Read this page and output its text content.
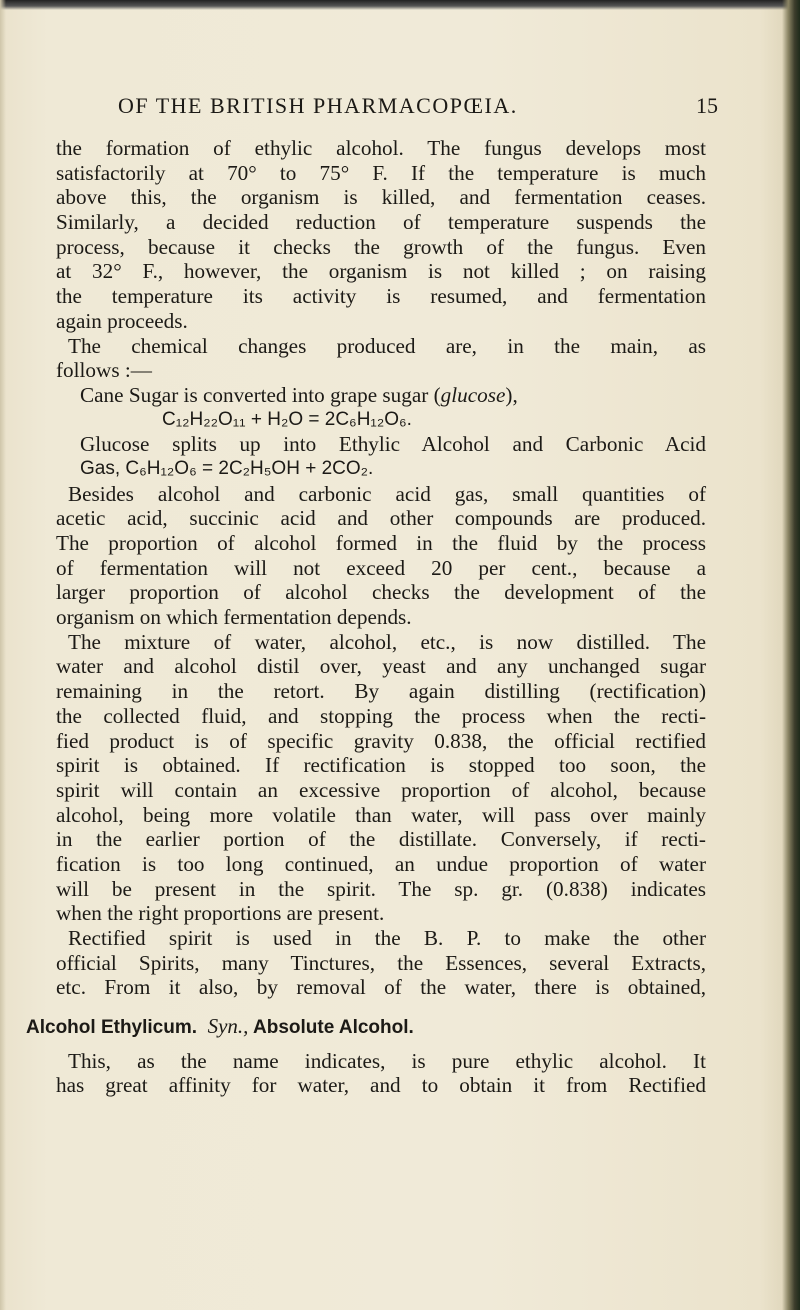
OF THE BRITISH PHARMACOPŒIA.	15
the formation of ethylic alcohol. The fungus develops most
satisfactorily at 70° to 75° F. If the temperature is much
above this, the organism is killed, and fermentation ceases.
Similarly, a decided reduction of temperature suspends the
process, because it checks the growth of the fungus. Even
at 32° F., however, the organism is not killed ; on raising
the temperature its activity is resumed, and fermentation
again proceeds.
The chemical changes produced are, in the main, as
follows :—
Cane Sugar is converted into grape sugar (glucose),
C₁₂H₂₂O₁₁ + H₂O = 2C₆H₁₂O₆.
Glucose splits up into Ethylic Alcohol and Carbonic Acid
Gas, C₆H₁₂O₆ = 2C₂H₅OH + 2CO₂.
Besides alcohol and carbonic acid gas, small quantities of
acetic acid, succinic acid and other compounds are produced.
The proportion of alcohol formed in the fluid by the process
of fermentation will not exceed 20 per cent., because a
larger proportion of alcohol checks the development of the
organism on which fermentation depends.
The mixture of water, alcohol, etc., is now distilled. The
water and alcohol distil over, yeast and any unchanged sugar
remaining in the retort. By again distilling (rectification)
the collected fluid, and stopping the process when the recti-
fied product is of specific gravity 0.838, the official rectified
spirit is obtained. If rectification is stopped too soon, the
spirit will contain an excessive proportion of alcohol, because
alcohol, being more volatile than water, will pass over mainly
in the earlier portion of the distillate. Conversely, if recti-
fication is too long continued, an undue proportion of water
will be present in the spirit. The sp. gr. (0.838) indicates
when the right proportions are present.
Rectified spirit is used in the B. P. to make the other
official Spirits, many Tinctures, the Essences, several Extracts,
etc. From it also, by removal of the water, there is obtained,
Alcohol Ethylicum. Syn., Absolute Alcohol.
This, as the name indicates, is pure ethylic alcohol. It
has great affinity for water, and to obtain it from Rectified
